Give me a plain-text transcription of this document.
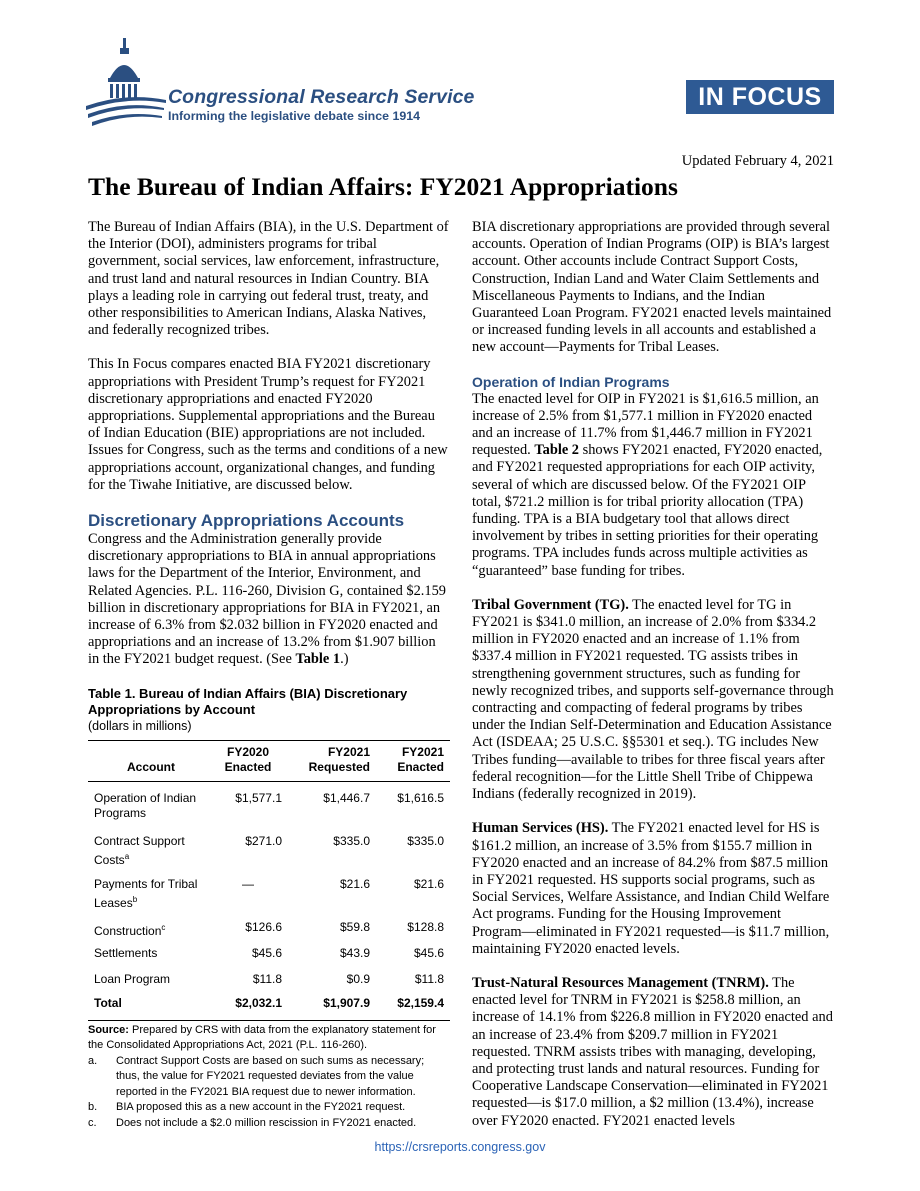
Congressional Research Service
Informing the legislative debate since 1914
IN FOCUS
Updated February 4, 2021
The Bureau of Indian Affairs: FY2021 Appropriations

The Bureau of Indian Affairs (BIA), in the U.S. Department of the Interior (DOI), administers programs for tribal government, social services, law enforcement, infrastructure, and trust land and natural resources in Indian Country. BIA plays a leading role in carrying out federal trust, treaty, and other responsibilities to American Indians, Alaska Natives, and federally recognized tribes.

This In Focus compares enacted BIA FY2021 discretionary appropriations with President Trump’s request for FY2021 discretionary appropriations and enacted FY2020 appropriations. Supplemental appropriations and the Bureau of Indian Education (BIE) appropriations are not included. Issues for Congress, such as the terms and conditions of a new appropriations account, organizational changes, and funding for the Tiwahe Initiative, are discussed below.

Discretionary Appropriations Accounts

Congress and the Administration generally provide discretionary appropriations to BIA in annual appropriations laws for the Department of the Interior, Environment, and Related Agencies. P.L. 116-260, Division G, contained $2.159 billion in discretionary appropriations for BIA in FY2021, an increase of 6.3% from $2.032 billion in FY2020 enacted and appropriations and an increase of 13.2% from $1.907 billion in the FY2021 budget request. (See Table 1.)

Table 1. Bureau of Indian Affairs (BIA) Discretionary Appropriations by Account
(dollars in millions)
Account	FY2020 Enacted	FY2021 Requested	FY2021 Enacted

Operation of Indian Programs	$1,577.1	$1,446.7	$1,616.5
Contract Support Costs$^a$	$271.0	$335.0	$335.0
Payments for Tribal Leases$^b$	—	$21.6	$21.6
Construction$^c$	$126.6	$59.8	$128.8
Settlements	$45.6	$43.9	$45.6
Loan Program	$11.8	$0.9	$11.8
Total	$2,032.1	$1,907.9	$2,159.4
Source: Prepared by CRS with data from the explanatory statement for the Consolidated Appropriations Act, 2021 (P.L. 116-260).
a.	Contract Support Costs are based on such sums as necessary; thus, the value for FY2021 requested deviates from the value reported in the FY2021 BIA request due to newer information.
b.	BIA proposed this as a new account in the FY2021 request.
c.	Does not include a $2.0 million rescission in FY2021 enacted.

BIA discretionary appropriations are provided through several accounts. Operation of Indian Programs (OIP) is BIA’s largest account. Other accounts include Contract Support Costs, Construction, Indian Land and Water Claim Settlements and Miscellaneous Payments to Indians, and the Indian Guaranteed Loan Program. FY2021 enacted levels maintained or increased funding levels in all accounts and established a new account—Payments for Tribal Leases.

Operation of Indian Programs

The enacted level for OIP in FY2021 is $1,616.5 million, an increase of 2.5% from $1,577.1 million in FY2020 enacted and an increase of 11.7% from $1,446.7 million in FY2021 requested. Table 2 shows FY2021 enacted, FY2020 enacted, and FY2021 requested appropriations for each OIP activity, several of which are discussed below. Of the FY2021 OIP total, $721.2 million is for tribal priority allocation (TPA) funding. TPA is a BIA budgetary tool that allows direct involvement by tribes in setting priorities for their operating programs. TPA includes funds across multiple activities as “guaranteed” base funding for tribes.

Tribal Government (TG). The enacted level for TG in FY2021 is $341.0 million, an increase of 2.0% from $334.2 million in FY2020 enacted and an increase of 1.1% from $337.4 million in FY2021 requested. TG assists tribes in strengthening government structures, such as funding for newly recognized tribes, and supports self-governance through contracting and compacting of federal programs by tribes under the Indian Self-Determination and Education Assistance Act (ISDEAA; 25 U.S.C. §§5301 et seq.). TG includes New Tribes funding—available to tribes for three fiscal years after federal recognition—for the Little Shell Tribe of Chippewa Indians (federally recognized in 2019).

Human Services (HS). The FY2021 enacted level for HS is $161.2 million, an increase of 3.5% from $155.7 million in FY2020 enacted and an increase of 84.2% from $87.5 million in FY2021 requested. HS supports social programs, such as Social Services, Welfare Assistance, and Indian Child Welfare Act programs. Funding for the Housing Improvement Program—eliminated in FY2021 requested—is $11.7 million, maintaining FY2020 enacted levels.

Trust-Natural Resources Management (TNRM). The enacted level for TNRM in FY2021 is $258.8 million, an increase of 14.1% from $226.8 million in FY2020 enacted and an increase of 23.4% from $209.7 million in FY2021 requested. TNRM assists tribes with managing, developing, and protecting trust lands and natural resources. Funding for Cooperative Landscape Conservation—eliminated in FY2021 requested—is $17.0 million, a $2 million (13.4%), increase over FY2020 enacted. FY2021 enacted levels

https://crsreports.congress.gov
